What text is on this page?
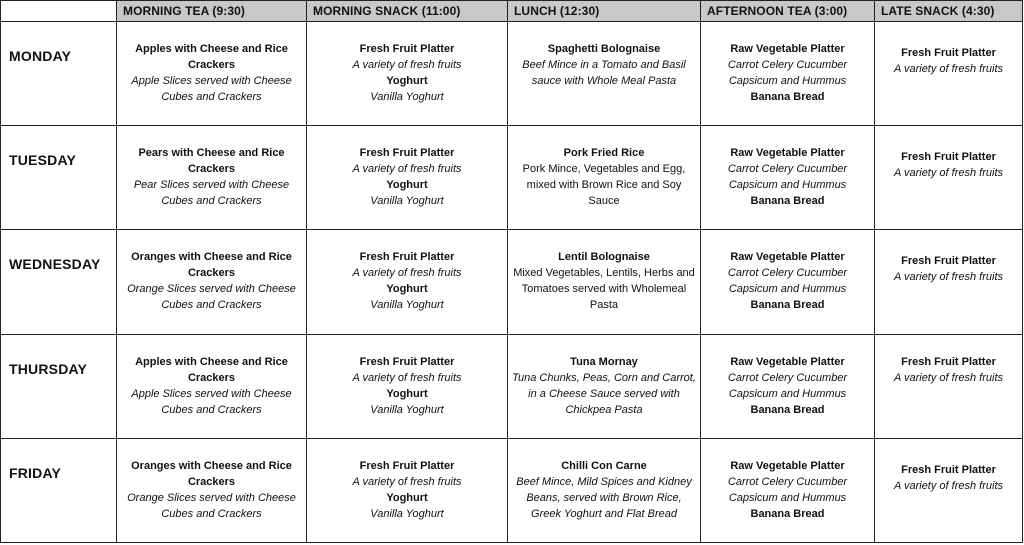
	MORNING TEA (9:30)	MORNING SNACK (11:00)	LUNCH (12:30)	AFTERNOON TEA (3:00)	LATE SNACK (4:30)
MONDAY	Apples with Cheese and Rice Crackers
Apple Slices served with Cheese Cubes and Crackers	Fresh Fruit Platter
A variety of fresh fruits
Yoghurt
Vanilla Yoghurt	Spaghetti Bolognaise
Beef Mince in a Tomato and Basil sauce with Whole Meal Pasta	Raw Vegetable Platter
Carrot Celery Cucumber Capsicum and Hummus
Banana Bread	Fresh Fruit Platter
A variety of fresh fruits

TUESDAY	Pears with Cheese and Rice Crackers
Pear Slices served with Cheese Cubes and Crackers	Fresh Fruit Platter
A variety of fresh fruits
Yoghurt
Vanilla Yoghurt	Pork Fried Rice
Pork Mince, Vegetables and Egg, mixed with Brown Rice and Soy Sauce	Raw Vegetable Platter
Carrot Celery Cucumber Capsicum and Hummus
Banana Bread	Fresh Fruit Platter
A variety of fresh fruits

WEDNESDAY	Oranges with Cheese and Rice Crackers
Orange Slices served with Cheese Cubes and Crackers	Fresh Fruit Platter
A variety of fresh fruits
Yoghurt
Vanilla Yoghurt	Lentil Bolognaise
Mixed Vegetables, Lentils, Herbs and Tomatoes served with Wholemeal Pasta	Raw Vegetable Platter
Carrot Celery Cucumber Capsicum and Hummus
Banana Bread	Fresh Fruit Platter
A variety of fresh fruits

THURSDAY	Apples with Cheese and Rice Crackers
Apple Slices served with Cheese Cubes and Crackers	Fresh Fruit Platter
A variety of fresh fruits
Yoghurt
Vanilla Yoghurt	Tuna Mornay
Tuna Chunks, Peas, Corn and Carrot, in a Cheese Sauce served with Chickpea Pasta	Raw Vegetable Platter
Carrot Celery Cucumber Capsicum and Hummus
Banana Bread	Fresh Fruit Platter
A variety of fresh fruits

FRIDAY	Oranges with Cheese and Rice Crackers
Orange Slices served with Cheese Cubes and Crackers	Fresh Fruit Platter
A variety of fresh fruits
Yoghurt
Vanilla Yoghurt	Chilli Con Carne
Beef Mince, Mild Spices and Kidney Beans, served with Brown Rice, Greek Yoghurt and Flat Bread	Raw Vegetable Platter
Carrot Celery Cucumber Capsicum and Hummus
Banana Bread	Fresh Fruit Platter
A variety of fresh fruits
